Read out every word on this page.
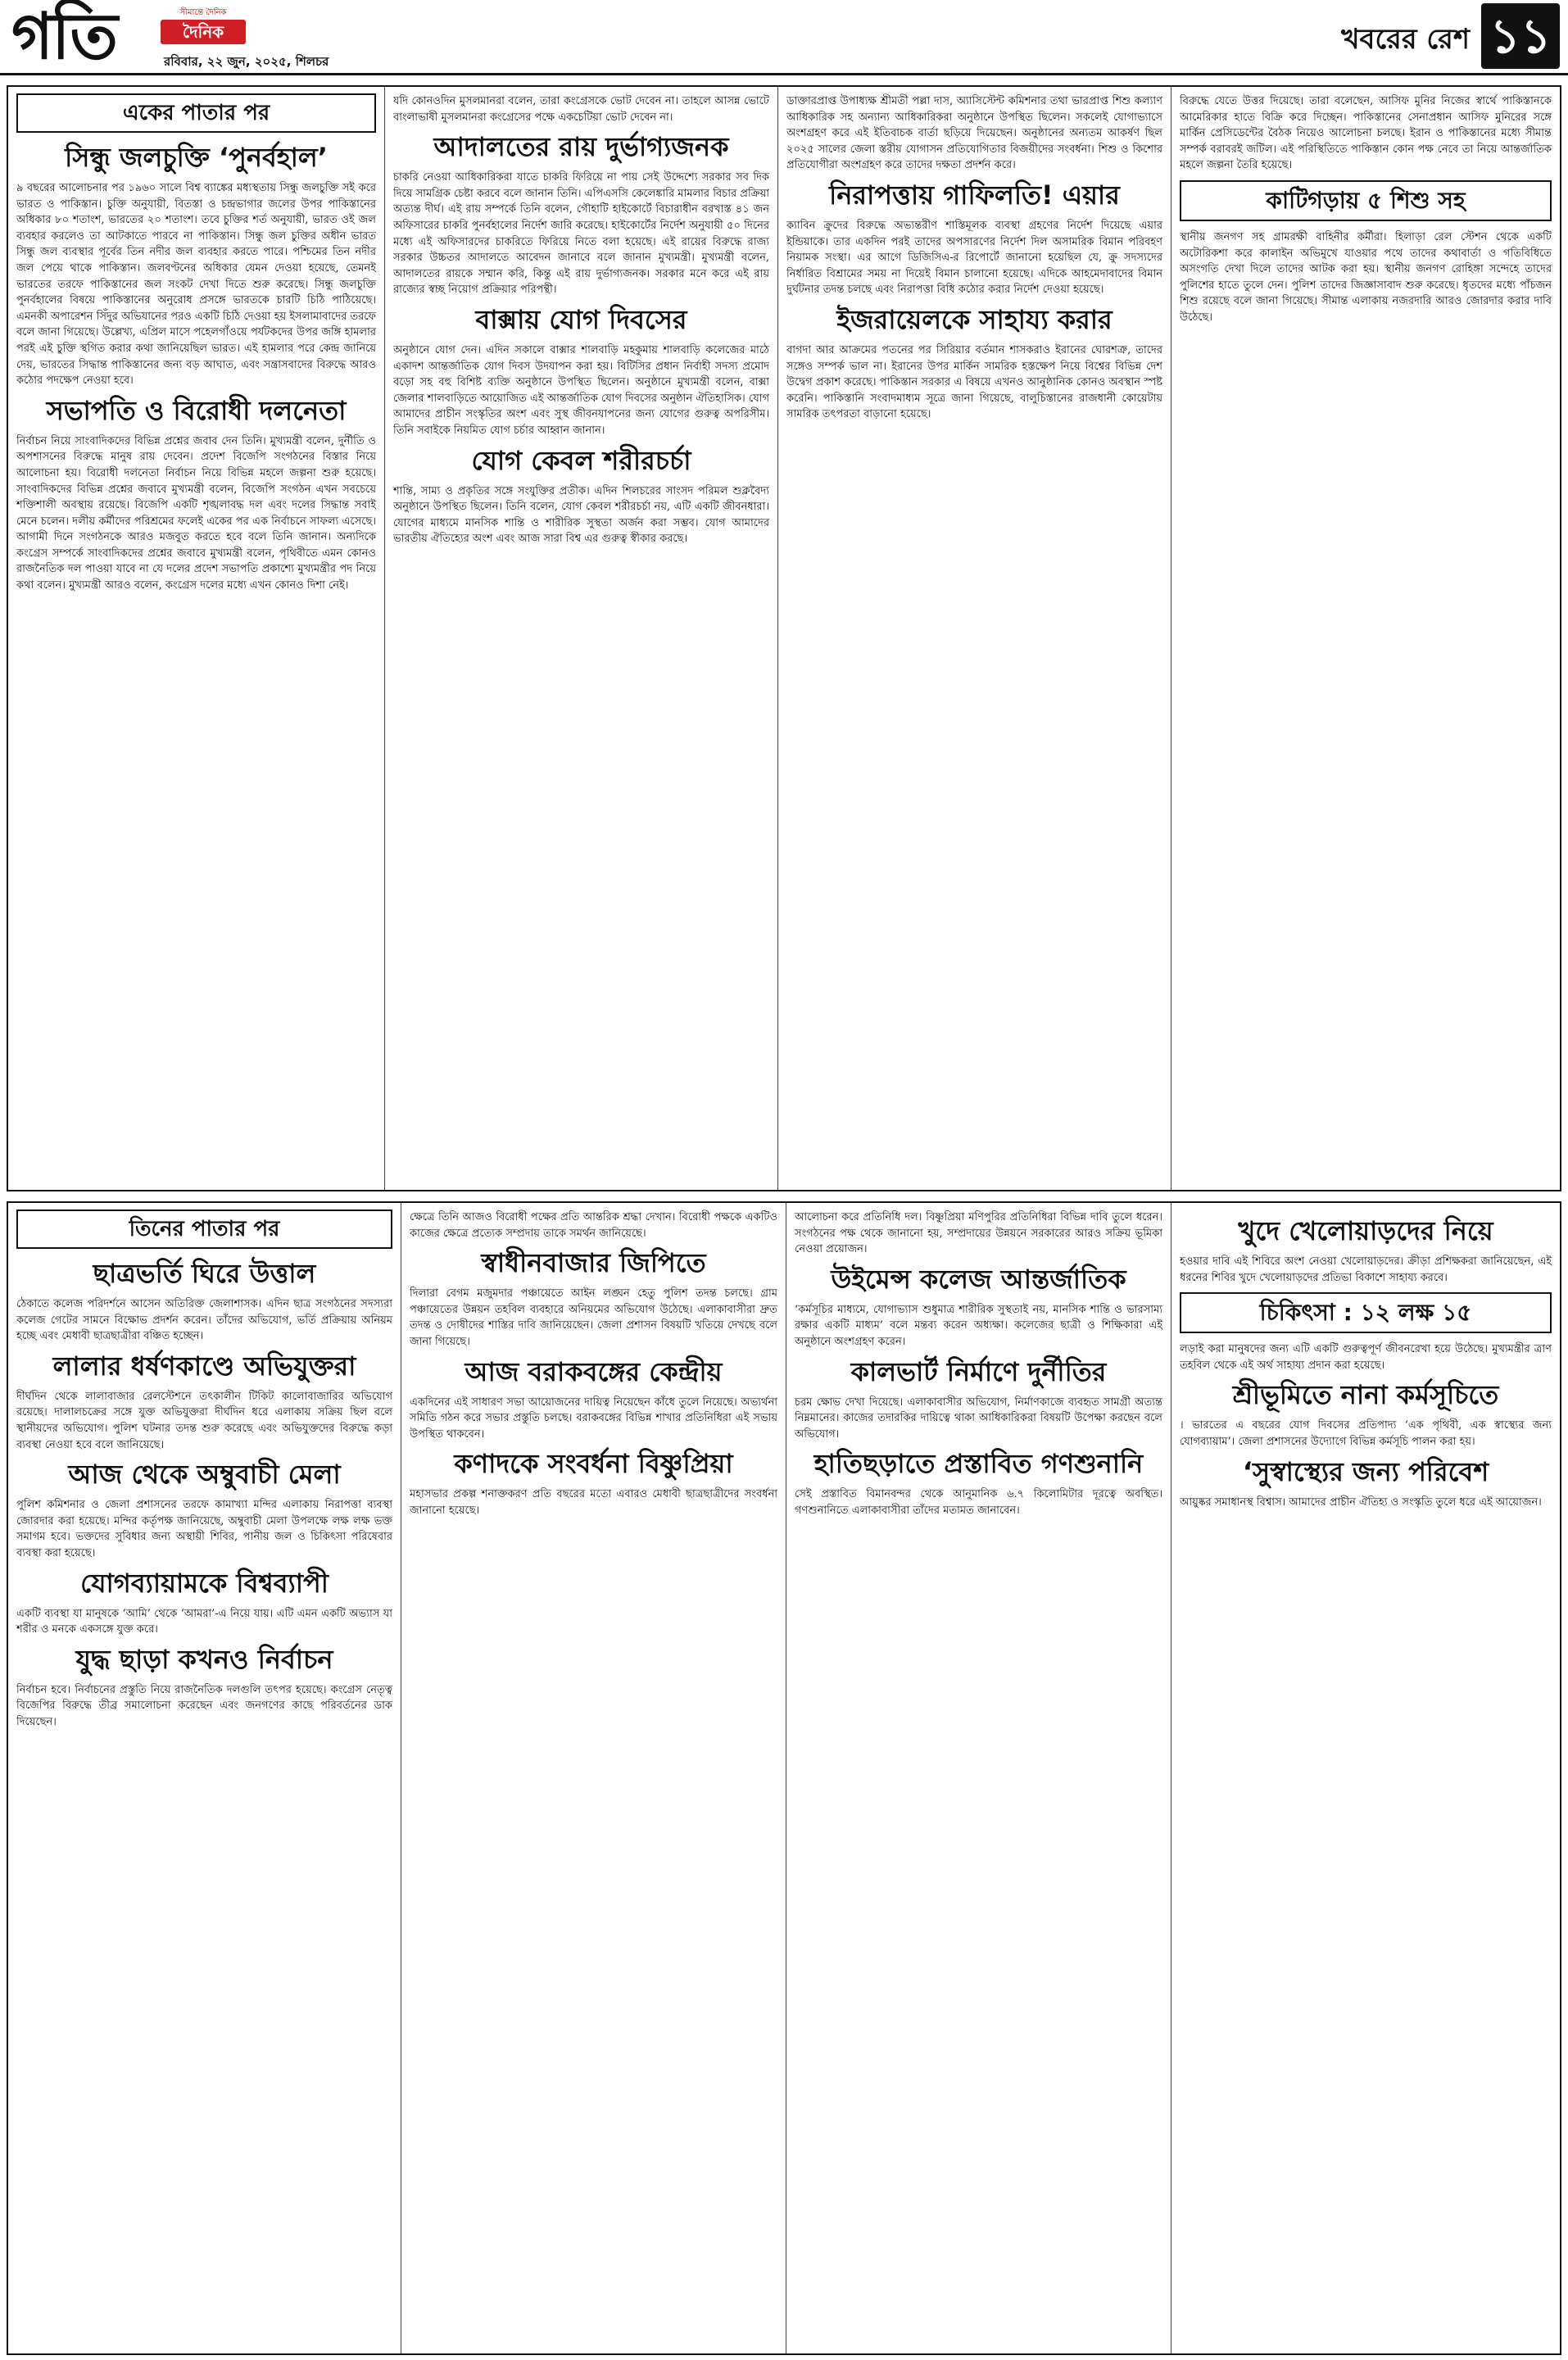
গতি	সীমান্তে দৈনিক
দৈনিক
রবিবার, ২২ জুন, ২০২৫, শিলচর
খবরের রেশ ১১
একের পাতার পর
সিন্ধু জলচুক্তি ‘পুনর্বহাল’
৯ বছরের আলোচনার পর ১৯৬০ সালে বিশ্ব ব্যাঙ্কের মধ্যস্থতায় সিন্ধু জলচুক্তি সই করে ভারত ও পাকিস্তান। চুক্তি অনুযায়ী, বিতস্তা ও চন্দ্রভাগার জলের উপর পাকিস্তানের অধিকার ৮০ শতাংশ, ভারতের ২০ শতাংশ। তবে চুক্তির শর্ত অনুযায়ী, ভারত ওই জল ব্যবহার করলেও তা আটকাতে পারবে না পাকিস্তান। সিন্ধু জল চুক্তির অধীন ভারত সিন্ধু জল ব্যবস্থার পূর্বের তিন নদীর জল ব্যবহার করতে পারে। পশ্চিমের তিন নদীর জল পেয়ে থাকে পাকিস্তান। জলবণ্টনের অধিকার যেমন দেওয়া হয়েছে, তেমনই ভারতের তরফে পাকিস্তানের জল সংকট দেখা দিতে শুরু করেছে। সিন্ধু জলচুক্তি পুনর্বহালের বিষয়ে পাকিস্তানের অনুরোধ প্রসঙ্গে ভারতকে চারটি চিঠি পাঠিয়েছে। এমনকী অপারেশন সিঁদুর অভিযানের পরও একটি চিঠি দেওয়া হয় ইসলামাবাদের তরফে বলে জানা গিয়েছে। উল্লেখ্য, এপ্রিল মাসে পহেলগাঁওয়ে পর্যটকদের উপর জঙ্গি হামলার পরই এই চুক্তি স্থগিত করার কথা জানিয়েছিল ভারত। এই হামলার পরে কেন্দ্র জানিয়ে দেয়, ভারতের সিদ্ধান্ত পাকিস্তানের জন্য বড় আঘাত, এবং সন্ত্রাসবাদের বিরুদ্ধে আরও কঠোর পদক্ষেপ নেওয়া হবে।
সভাপতি ও বিরোধী দলনেতা
নির্বাচন নিয়ে সাংবাদিকদের বিভিন্ন প্রশ্নের জবাব দেন তিনি। মুখ্যমন্ত্রী বলেন, দুর্নীতি ও অপশাসনের বিরুদ্ধে মানুষ রায় দেবেন। প্রদেশ বিজেপি সংগঠনের বিস্তার নিয়ে আলোচনা হয়। বিরোধী দলনেতা নির্বাচন নিয়ে বিভিন্ন মহলে জল্পনা শুরু হয়েছে। সাংবাদিকদের বিভিন্ন প্রশ্নের জবাবে মুখ্যমন্ত্রী বলেন, বিজেপি সংগঠন এখন সবচেয়ে শক্তিশালী অবস্থায় রয়েছে। বিজেপি একটি শৃঙ্খলাবদ্ধ দল এবং দলের সিদ্ধান্ত সবাই মেনে চলেন। দলীয় কর্মীদের পরিশ্রমের ফলেই একের পর এক নির্বাচনে সাফল্য এসেছে। আগামী দিনে সংগঠনকে আরও মজবুত করতে হবে বলে তিনি জানান। অন্যদিকে কংগ্রেস সম্পর্কে সাংবাদিকদের প্রশ্নের জবাবে মুখ্যমন্ত্রী বলেন, পৃথিবীতে এমন কোনও রাজনৈতিক দল পাওয়া যাবে না যে দলের প্রদেশ সভাপতি প্রকাশ্যে মুখ্যমন্ত্রীর পদ নিয়ে কথা বলেন। মুখ্যমন্ত্রী আরও বলেন, কংগ্রেস দলের মধ্যে এখন কোনও দিশা নেই।
যদি কোনওদিন মুসলমানরা বলেন, তারা কংগ্রেসকে ভোট দেবেন না। তাহলে আসন্ন ভোটে বাংলাভাষী মুসলমানরা কংগ্রেসের পক্ষে একচেটিয়া ভোট দেবেন না।
আদালতের রায় দুর্ভাগ্যজনক
চাকরি নেওয়া আধিকারিকরা যাতে চাকরি ফিরিয়ে না পায় সেই উদ্দেশ্যে সরকার সব দিক দিয়ে সামগ্রিক চেষ্টা করবে বলে জানান তিনি। এপিএসসি কেলেঙ্কারি মামলার বিচার প্রক্রিয়া অত্যন্ত দীর্ঘ। এই রায় সম্পর্কে তিনি বলেন, গৌহাটি হাইকোর্টে বিচারাধীন বরখাস্ত ৪১ জন অফিসারের চাকরি পুনর্বহালের নির্দেশ জারি করেছে। হাইকোর্টের নির্দেশ অনুযায়ী ৫০ দিনের মধ্যে এই অফিসারদের চাকরিতে ফিরিয়ে নিতে বলা হয়েছে। এই রায়ের বিরুদ্ধে রাজ্য সরকার উচ্চতর আদালতে আবেদন জানাবে বলে জানান মুখ্যমন্ত্রী। মুখ্যমন্ত্রী বলেন, আদালতের রায়কে সম্মান করি, কিন্তু এই রায় দুর্ভাগ্যজনক। সরকার মনে করে এই রায় রাজ্যের স্বচ্ছ নিয়োগ প্রক্রিয়ার পরিপন্থী।
বাক্সায় যোগ দিবসের
অনুষ্ঠানে যোগ দেন। এদিন সকালে বাক্সার শালবাড়ি মহকুমায় শালবাড়ি কলেজের মাঠে একাদশ আন্তর্জাতিক যোগ দিবস উদযাপন করা হয়। বিটিসির প্রধান নির্বাহী সদস্য প্রমোদ বড়ো সহ বহু বিশিষ্ট ব্যক্তি অনুষ্ঠানে উপস্থিত ছিলেন। অনুষ্ঠানে মুখ্যমন্ত্রী বলেন, বাক্সা জেলার শালবাড়িতে আয়োজিত এই আন্তর্জাতিক যোগ দিবসের অনুষ্ঠান ঐতিহাসিক। যোগ আমাদের প্রাচীন সংস্কৃতির অংশ এবং সুস্থ জীবনযাপনের জন্য যোগের গুরুত্ব অপরিসীম। তিনি সবাইকে নিয়মিত যোগ চর্চার আহ্বান জানান।
যোগ কেবল শরীরচর্চা
শান্তি, সাম্য ও প্রকৃতির সঙ্গে সংযুক্তির প্রতীক। এদিন শিলচরের সাংসদ পরিমল শুক্লবৈদ্য অনুষ্ঠানে উপস্থিত ছিলেন। তিনি বলেন, যোগ কেবল শরীরচর্চা নয়, এটি একটি জীবনধারা। যোগের মাধ্যমে মানসিক শান্তি ও শারীরিক সুস্থতা অর্জন করা সম্ভব। যোগ আমাদের ভারতীয় ঐতিহ্যের অংশ এবং আজ সারা বিশ্ব এর গুরুত্ব স্বীকার করছে।
ডাক্তারপ্রাপ্ত উপাধ্যক্ষ শ্রীমতী পল্লা দাস, অ্যাসিস্টেন্ট কমিশনার তথা ভারপ্রাপ্ত শিশু কল্যাণ আধিকারিক সহ অন্যান্য আধিকারিকরা অনুষ্ঠানে উপস্থিত ছিলেন। সকলেই যোগাভ্যাসে অংশগ্রহণ করে এই ইতিবাচক বার্তা ছড়িয়ে দিয়েছেন। অনুষ্ঠানের অন্যতম আকর্ষণ ছিল ২০২৫ সালের জেলা স্তরীয় যোগাসন প্রতিযোগিতার বিজয়ীদের সংবর্ধনা। শিশু ও কিশোর প্রতিযোগীরা অংশগ্রহণ করে তাদের দক্ষতা প্রদর্শন করে।
নিরাপত্তায় গাফিলতি! এয়ার
ক্যাবিন ক্রুদের বিরুদ্ধে অভ্যন্তরীণ শাস্তিমূলক ব্যবস্থা গ্রহণের নির্দেশ দিয়েছে এয়ার ইন্ডিয়াকে। তার একদিন পরই তাদের অপসারণের নির্দেশ দিল অসামরিক বিমান পরিবহণ নিয়ামক সংস্থা। এর আগে ডিজিসিএ-র রিপোর্টে জানানো হয়েছিল যে, ক্রু সদস্যদের নির্ধারিত বিশ্রামের সময় না দিয়েই বিমান চালানো হয়েছে। এদিকে আহমেদাবাদের বিমান দুর্ঘটনার তদন্ত চলছে এবং নিরাপত্তা বিধি কঠোর করার নির্দেশ দেওয়া হয়েছে।
ইজরায়েলকে সাহায্য করার
বাগদা আর আক্রমের পতনের পর সিরিয়ার বর্তমান শাসকরাও ইরানের ঘোরশত্রু, তাদের সঙ্গেও সম্পর্ক ভাল না। ইরানের উপর মার্কিন সামরিক হস্তক্ষেপ নিয়ে বিশ্বের বিভিন্ন দেশ উদ্বেগ প্রকাশ করেছে। পাকিস্তান সরকার এ বিষয়ে এখনও আনুষ্ঠানিক কোনও অবস্থান স্পষ্ট করেনি। পাকিস্তানি সংবাদমাধ্যম সূত্রে জানা গিয়েছে, বালুচিস্তানের রাজধানী কোয়েটায় সামরিক তৎপরতা বাড়ানো হয়েছে।
বিরুদ্ধে যেতে উত্তর দিয়েছে। তারা বলেছেন, আসিফ মুনির নিজের স্বার্থে পাকিস্তানকে আমেরিকার হাতে বিক্রি করে দিচ্ছেন। পাকিস্তানের সেনাপ্রধান আসিফ মুনিরের সঙ্গে মার্কিন প্রেসিডেন্টের বৈঠক নিয়েও আলোচনা চলছে। ইরান ও পাকিস্তানের মধ্যে সীমান্ত সম্পর্ক বরাবরই জটিল। এই পরিস্থিতিতে পাকিস্তান কোন পক্ষ নেবে তা নিয়ে আন্তর্জাতিক মহলে জল্পনা তৈরি হয়েছে।
কাটিগড়ায় ৫ শিশু সহ
স্থানীয় জনগণ সহ গ্রামরক্ষী বাহিনীর কর্মীরা। হিলাড়া রেল স্টেশন থেকে একটি অটোরিকশা করে কালাইন অভিমুখে যাওয়ার পথে তাদের কথাবার্তা ও গতিবিধিতে অসংগতি দেখা দিলে তাদের আটক করা হয়। স্থানীয় জনগণ রোহিঙ্গা সন্দেহে তাদের পুলিশের হাতে তুলে দেন। পুলিশ তাদের জিজ্ঞাসাবাদ শুরু করেছে। ধৃতদের মধ্যে পাঁচজন শিশু রয়েছে বলে জানা গিয়েছে। সীমান্ত এলাকায় নজরদারি আরও জোরদার করার দাবি উঠেছে।
তিনের পাতার পর
ছাত্রভর্তি ঘিরে উত্তাল
ঠেকাতে কলেজ পরিদর্শনে আসেন অতিরিক্ত জেলাশাসক। এদিন ছাত্র সংগঠনের সদস্যরা কলেজ গেটের সামনে বিক্ষোভ প্রদর্শন করেন। তাঁদের অভিযোগ, ভর্তি প্রক্রিয়ায় অনিয়ম হচ্ছে এবং মেধাবী ছাত্রছাত্রীরা বঞ্চিত হচ্ছেন।
লালার ধর্ষণকাণ্ডে অভিযুক্তরা
দীর্ঘদিন থেকে লালাবাজার রেলস্টেশনে তৎকালীন টিকিট কালোবাজারির অভিযোগ রয়েছে। দালালচক্রের সঙ্গে যুক্ত অভিযুক্তরা দীর্ঘদিন ধরে এলাকায় সক্রিয় ছিল বলে স্থানীয়দের অভিযোগ। পুলিশ ঘটনার তদন্ত শুরু করেছে এবং অভিযুক্তদের বিরুদ্ধে কড়া ব্যবস্থা নেওয়া হবে বলে জানিয়েছে।
আজ থেকে অম্বুবাচী মেলা
পুলিশ কমিশনার ও জেলা প্রশাসনের তরফে কামাখ্যা মন্দির এলাকায় নিরাপত্তা ব্যবস্থা জোরদার করা হয়েছে। মন্দির কর্তৃপক্ষ জানিয়েছে, অম্বুবাচী মেলা উপলক্ষে লক্ষ লক্ষ ভক্ত সমাগম হবে। ভক্তদের সুবিধার জন্য অস্থায়ী শিবির, পানীয় জল ও চিকিৎসা পরিষেবার ব্যবস্থা করা হয়েছে।
যোগব্যায়ামকে বিশ্বব্যাপী
একটি ব্যবস্থা যা মানুষকে ‘আমি’ থেকে ‘আমরা’-এ নিয়ে যায়। এটি এমন একটি অভ্যাস যা শরীর ও মনকে একসঙ্গে যুক্ত করে।
যুদ্ধ ছাড়া কখনও নির্বাচন
নির্বাচন হবে। নির্বাচনের প্রস্তুতি নিয়ে রাজনৈতিক দলগুলি তৎপর হয়েছে। কংগ্রেস নেতৃত্ব বিজেপির বিরুদ্ধে তীব্র সমালোচনা করেছেন এবং জনগণের কাছে পরিবর্তনের ডাক দিয়েছেন।
ক্ষেত্রে তিনি আজও বিরোধী পক্ষের প্রতি আন্তরিক শ্রদ্ধা দেখান। বিরোধী পক্ষকে একটিও কাজের ক্ষেত্রে প্রত্যেক সম্প্রদায় তাকে সমর্থন জানিয়েছে।
স্বাধীনবাজার জিপিতে
দিলারা বেগম মজুমদার পঞ্চায়েতে আইন লঙ্ঘন হেতু পুলিশ তদন্ত চলছে। গ্রাম পঞ্চায়েতের উন্নয়ন তহবিল ব্যবহারে অনিয়মের অভিযোগ উঠেছে। এলাকাবাসীরা দ্রুত তদন্ত ও দোষীদের শাস্তির দাবি জানিয়েছেন। জেলা প্রশাসন বিষয়টি খতিয়ে দেখছে বলে জানা গিয়েছে।
আজ বরাকবঙ্গের কেন্দ্রীয়
একদিনের এই সাধারণ সভা আয়োজনের দায়িত্ব নিয়েছেন কাঁধে তুলে নিয়েছে। অভ্যর্থনা সমিতি গঠন করে সভার প্রস্তুতি চলছে। বরাকবঙ্গের বিভিন্ন শাখার প্রতিনিধিরা এই সভায় উপস্থিত থাকবেন।
কণাদকে সংবর্ধনা বিষ্ণুপ্রিয়া
মহাসভার প্রকল্প শনাক্তকরণ প্রতি বছরের মতো এবারও মেধাবী ছাত্রছাত্রীদের সংবর্ধনা জানানো হয়েছে।
আলোচনা করে প্রতিনিধি দল। বিষ্ণুপ্রিয়া মণিপুরির প্রতিনিধিরা বিভিন্ন দাবি তুলে ধরেন। সংগঠনের পক্ষ থেকে জানানো হয়, সম্প্রদায়ের উন্নয়নে সরকারের আরও সক্রিয় ভূমিকা নেওয়া প্রয়োজন।
উইমেন্স কলেজ আন্তর্জাতিক
‘কর্মসূচির মাধ্যমে, যোগাভ্যাস শুধুমাত্র শারীরিক সুস্থতাই নয়, মানসিক শান্তি ও ভারসাম্য রক্ষার একটি মাধ্যম’ বলে মন্তব্য করেন অধ্যক্ষা। কলেজের ছাত্রী ও শিক্ষিকারা এই অনুষ্ঠানে অংশগ্রহণ করেন।
কালভার্ট নির্মাণে দুর্নীতির
চরম ক্ষোভ দেখা দিয়েছে। এলাকাবাসীর অভিযোগ, নির্মাণকাজে ব্যবহৃত সামগ্রী অত্যন্ত নিম্নমানের। কাজের তদারকির দায়িত্বে থাকা আধিকারিকরা বিষয়টি উপেক্ষা করছেন বলে অভিযোগ।
হাতিছড়াতে প্রস্তাবিত গণশুনানি
সেই প্রস্তাবিত বিমানবন্দর থেকে আনুমানিক ৬.৭ কিলোমিটার দূরত্বে অবস্থিত। গণশুনানিতে এলাকাবাসীরা তাঁদের মতামত জানাবেন।
খুদে খেলোয়াড়দের নিয়ে
হওয়ার দাবি এই শিবিরে অংশ নেওয়া খেলোয়াড়দের। ক্রীড়া প্রশিক্ষকরা জানিয়েছেন, এই ধরনের শিবির খুদে খেলোয়াড়দের প্রতিভা বিকাশে সাহায্য করবে।
চিকিৎসা : ১২ লক্ষ ১৫
লড়াই করা মানুষদের জন্য এটি একটি গুরুত্বপূর্ণ জীবনরেখা হয়ে উঠেছে। মুখ্যমন্ত্রীর ত্রাণ তহবিল থেকে এই অর্থ সাহায্য প্রদান করা হয়েছে।
শ্রীভূমিতে নানা কর্মসূচিতে
। ভারতের এ বছরের যোগ দিবসের প্রতিপাদ্য ‘এক পৃথিবী, এক স্বাস্থ্যের জন্য যোগব্যায়াম’। জেলা প্রশাসনের উদ্যোগে বিভিন্ন কর্মসূচি পালন করা হয়।
‘সুস্বাস্থ্যের জন্য পরিবেশ
আয়ুষ্কর সমাধানস্থ বিশ্বাস। আমাদের প্রাচীন ঐতিহ্য ও সংস্কৃতি তুলে ধরে এই আয়োজন।
